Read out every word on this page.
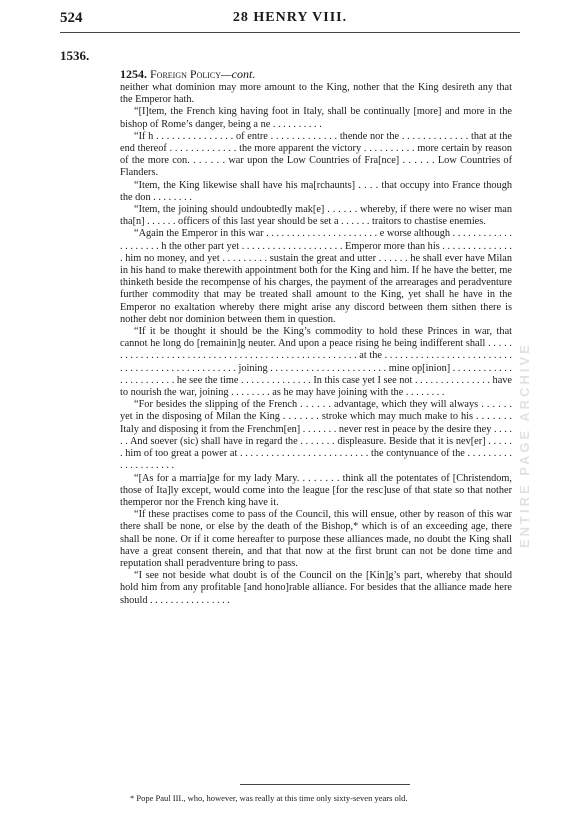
ENTIRE PAGE ARCHIVE
524	28 HENRY VIII.
1536.
1254. Foreign Policy—cont.

neither what dominion may more amount to the King, nother that the King desireth any that the Emperor hath.

“[I]tem, the French king having foot in Italy, shall be continually [more] and more in the bishop of Rome’s danger, being a ne . . . . . . . . . .

“If h . . . . . . . . . . . . . . . of entre . . . . . . . . . . . . . thende nor the . . . . . . . . . . . . . that at the end thereof . . . . . . . . . . . . . the more apparent the victory . . . . . . . . . . more certain by reason of the more con. . . . . . . war upon the Low Countries of Fra[nce] . . . . . . Low Countries of Flanders.

“Item, the King likewise shall have his ma[rchaunts] . . . . that occupy into France though the don . . . . . . . .

“Item, the joining should undoubtedly mak[e] . . . . . . whereby, if there were no wiser man tha[n] . . . . . . officers of this last year should be set a . . . . . . traitors to chastise enemies.

“Again the Emperor in this war . . . . . . . . . . . . . . . . . . . . . . e worse although . . . . . . . . . . . . . . . . . . . . h the other part yet . . . . . . . . . . . . . . . . . . . . Emperor more than his . . . . . . . . . . . . . . . him no money, and yet . . . . . . . . . sustain the great and utter . . . . . . he shall ever have Milan in his hand to make therewith appointment both for the King and him. If he have the better, me thinketh beside the recompense of his charges, the payment of the arrearages and peradventure further commodity that may be treated shall amount to the King, yet shall he have in the Emperor no exaltation whereby there might arise any discord between them sithen there is nother debt nor dominion between them in question.

“If it be thought it should be the King’s commodity to hold these Princes in war, that cannot he long do [remainin]g neuter. And upon a peace rising he being indifferent shall . . . . . . . . . . . . . . . . . . . . . . . . . . . . . . . . . . . . . . . . . . . . . . . . . . . at the . . . . . . . . . . . . . . . . . . . . . . . . . . . . . . . . . . . . . . . . . . . . . . . . joining . . . . . . . . . . . . . . . . . . . . . . . mine op[inion] . . . . . . . . . . . . . . . . . . . . . . . he see the time . . . . . . . . . . . . . . In this case yet I see not . . . . . . . . . . . . . . . have to nourish the war, joining . . . . . . . . as he may have joining with the . . . . . . . .

“For besides the slipping of the French . . . . . . advantage, which they will always . . . . . . yet in the disposing of Milan the King . . . . . . . stroke which may much make to his . . . . . . . Italy and disposing it from the Frenchm[en] . . . . . . . never rest in peace by the desire they . . . . . . And soever (sic) shall have in regard the . . . . . . . displeasure. Beside that it is nev[er] . . . . . . him of too great a power at . . . . . . . . . . . . . . . . . . . . . . . . . the contynuance of the . . . . . . . . . . . . . . . . . . . .

“[As for a marria]ge for my lady Mary. . . . . . . . think all the potentates of [Christendom, those of Ita]ly except, would come into the league [for the resc]use of that state so that nother themperor nor the French king have it.

“If these practises come to pass of the Council, this will ensue, other by reason of this war there shall be none, or else by the death of the Bishop,* which is of an exceeding age, there shall be none. Or if it come hereafter to purpose these alliances made, no doubt the King shall have a great consent therein, and that that now at the first brunt can not be done time and reputation shall peradventure bring to pass.

“I see not beside what doubt is of the Council on the [Kin]g’s part, whereby that should hold him from any profitable [and hono]rable alliance. For besides that the alliance made here should . . . . . . . . . . . . . . . .

* Pope Paul III., who, however, was really at this time only sixty-seven years old.
